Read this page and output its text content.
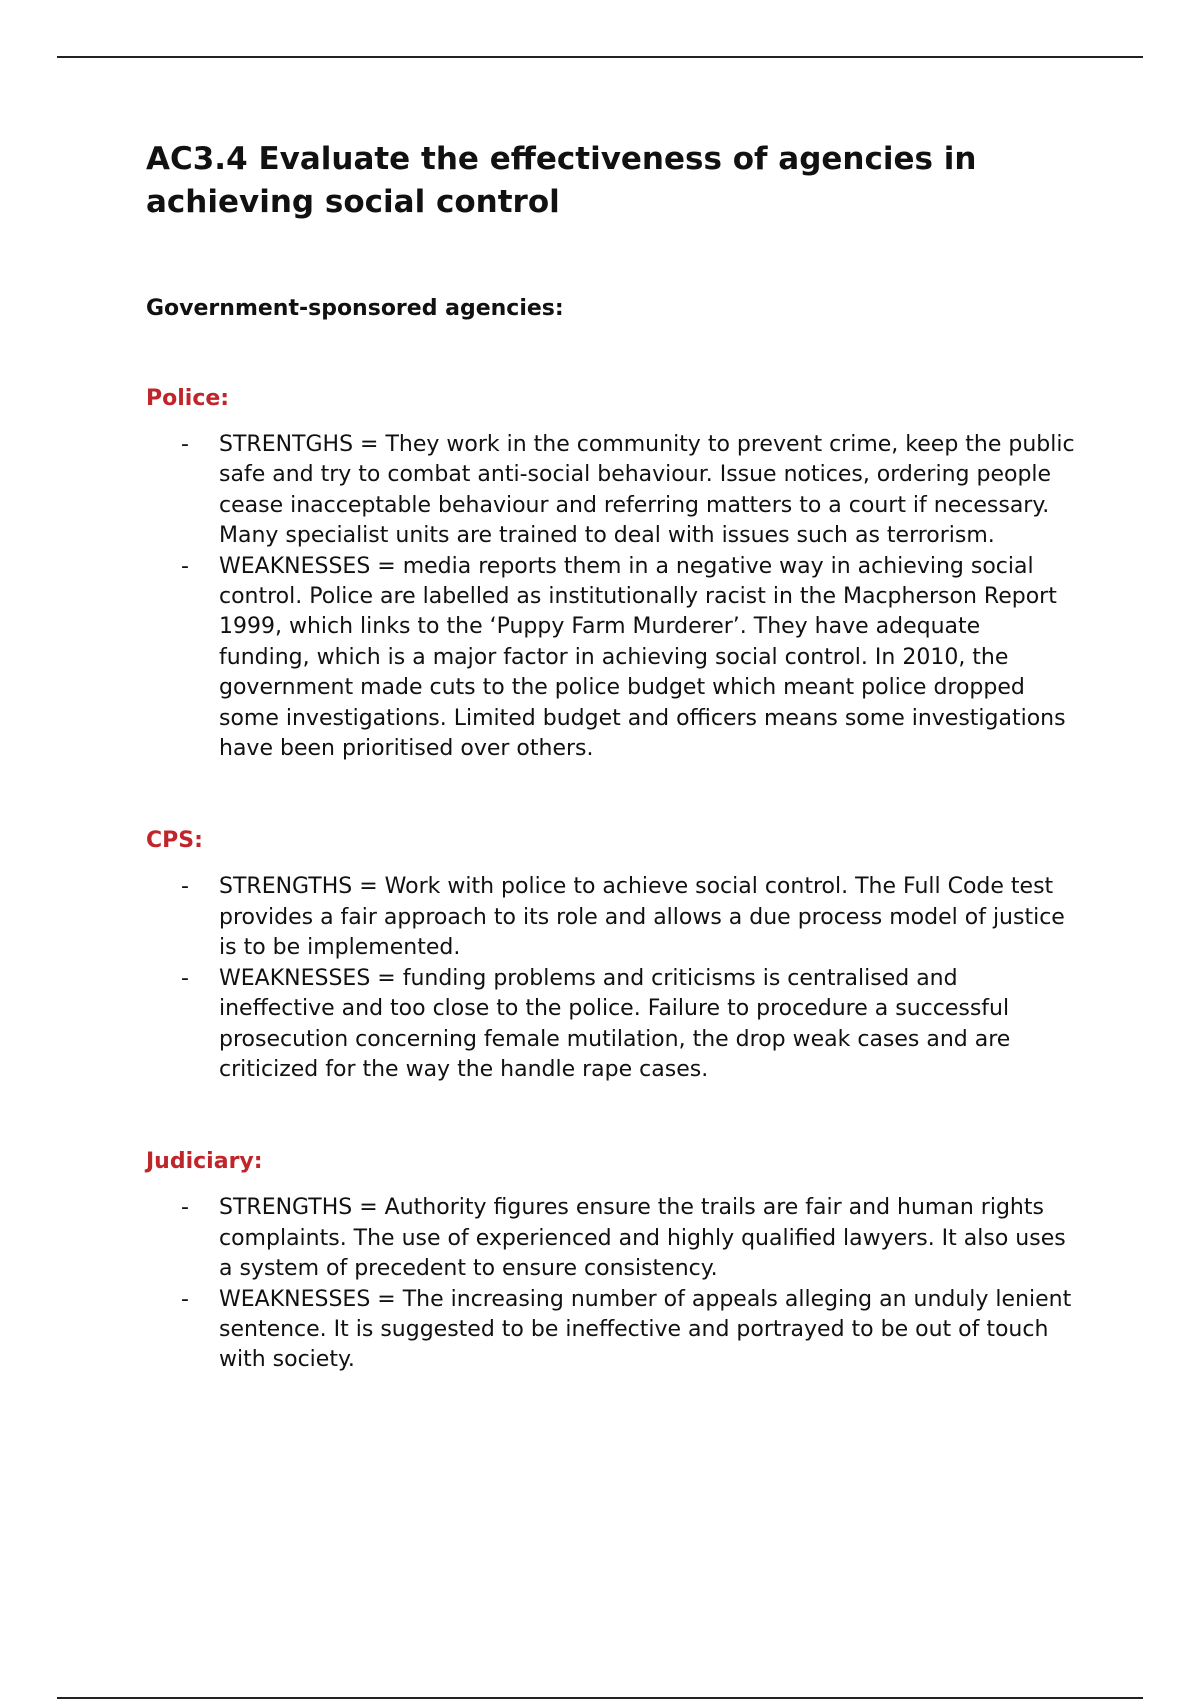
AC3.4 Evaluate the effectiveness of agencies in achieving social control
Government-sponsored agencies:
Police:
- STRENTGHS = They work in the community to prevent crime, keep the public safe and try to combat anti-social behaviour. Issue notices, ordering people cease inacceptable behaviour and referring matters to a court if necessary. Many specialist units are trained to deal with issues such as terrorism.
- WEAKNESSES = media reports them in a negative way in achieving social control. Police are labelled as institutionally racist in the Macpherson Report 1999, which links to the ‘Puppy Farm Murderer’. They have adequate funding, which is a major factor in achieving social control. In 2010, the government made cuts to the police budget which meant police dropped some investigations. Limited budget and officers means some investigations have been prioritised over others.
CPS:
- STRENGTHS = Work with police to achieve social control. The Full Code test provides a fair approach to its role and allows a due process model of justice is to be implemented.
- WEAKNESSES = funding problems and criticisms is centralised and ineffective and too close to the police. Failure to procedure a successful prosecution concerning female mutilation, the drop weak cases and are criticized for the way the handle rape cases.
Judiciary:
- STRENGTHS = Authority figures ensure the trails are fair and human rights complaints. The use of experienced and highly qualified lawyers. It also uses a system of precedent to ensure consistency.
- WEAKNESSES = The increasing number of appeals alleging an unduly lenient sentence. It is suggested to be ineffective and portrayed to be out of touch with society.
